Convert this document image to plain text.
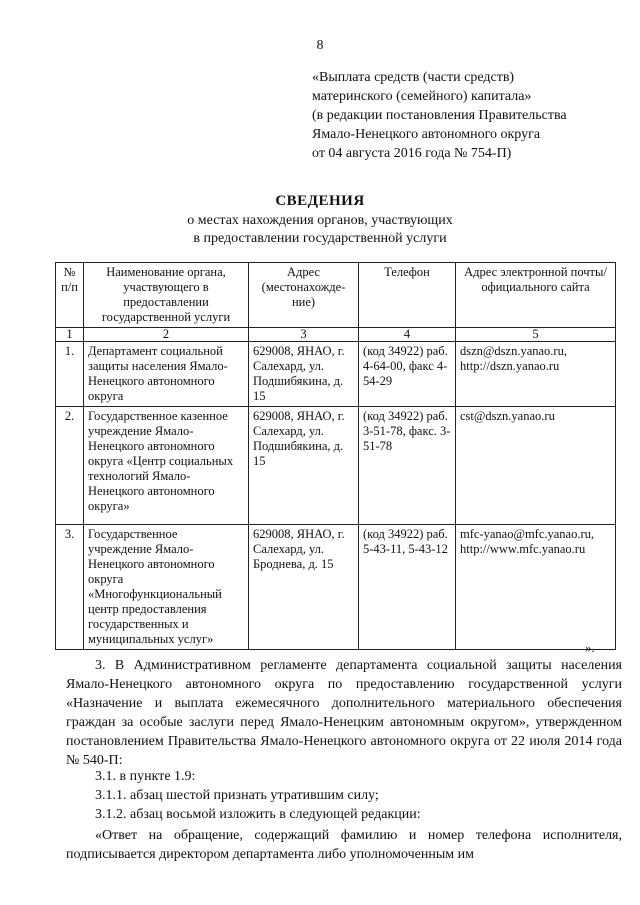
8
«Выплата средств (части средств)
материнского (семейного) капитала»
(в редакции постановления Правительства
Ямало-Ненецкого автономного округа
от 04 августа 2016 года № 754-П)
СВЕДЕНИЯ
о местах нахождения органов, участвующих
в предоставлении государственной услуги
№ п/п	Наименование органа, участвующего в предоставлении государственной услуги	Адрес (местонахожде-ние)	Телефон	Адрес электронной почты/ официального сайта
1	2	3	4	5
1.	Департамент социальной защиты населения Ямало-Ненецкого автономного округа	629008, ЯНАО, г. Салехард, ул. Подшибякина, д. 15	(код 34922) раб. 4-64-00, факс 4-54-29	dszn@dszn.yanao.ru, http://dszn.yanao.ru
2.	Государственное казенное учреждение Ямало-Ненецкого автономного округа «Центр социальных технологий Ямало-Ненецкого автономного округа»	629008, ЯНАО, г. Салехард, ул. Подшибякина, д. 15	(код 34922) раб. 3-51-78, факс. 3-51-78	cst@dszn.yanao.ru
3.	Государственное учреждение Ямало-Ненецкого автономного округа «Многофункциональный центр предоставления государственных и муниципальных услуг»	629008, ЯНАО, г. Салехард, ул. Броднева, д. 15	(код 34922) раб. 5-43-11, 5-43-12	mfc-yanao@mfc.yanao.ru, http://www.mfc.yanao.ru
».
3. В Административном регламенте департамента социальной защиты населения Ямало-Ненецкого автономного округа по предоставлению государственной услуги «Назначение и выплата ежемесячного дополнительного материального обеспечения граждан за особые заслуги перед Ямало-Ненецким автономным округом», утвержденном постановлением Правительства Ямало-Ненецкого автономного округа от 22 июля 2014 года № 540-П:
3.1. в пункте 1.9:
3.1.1. абзац шестой признать утратившим силу;
3.1.2. абзац восьмой изложить в следующей редакции:
«Ответ на обращение, содержащий фамилию и номер телефона исполнителя, подписывается директором департамента либо уполномоченным им
